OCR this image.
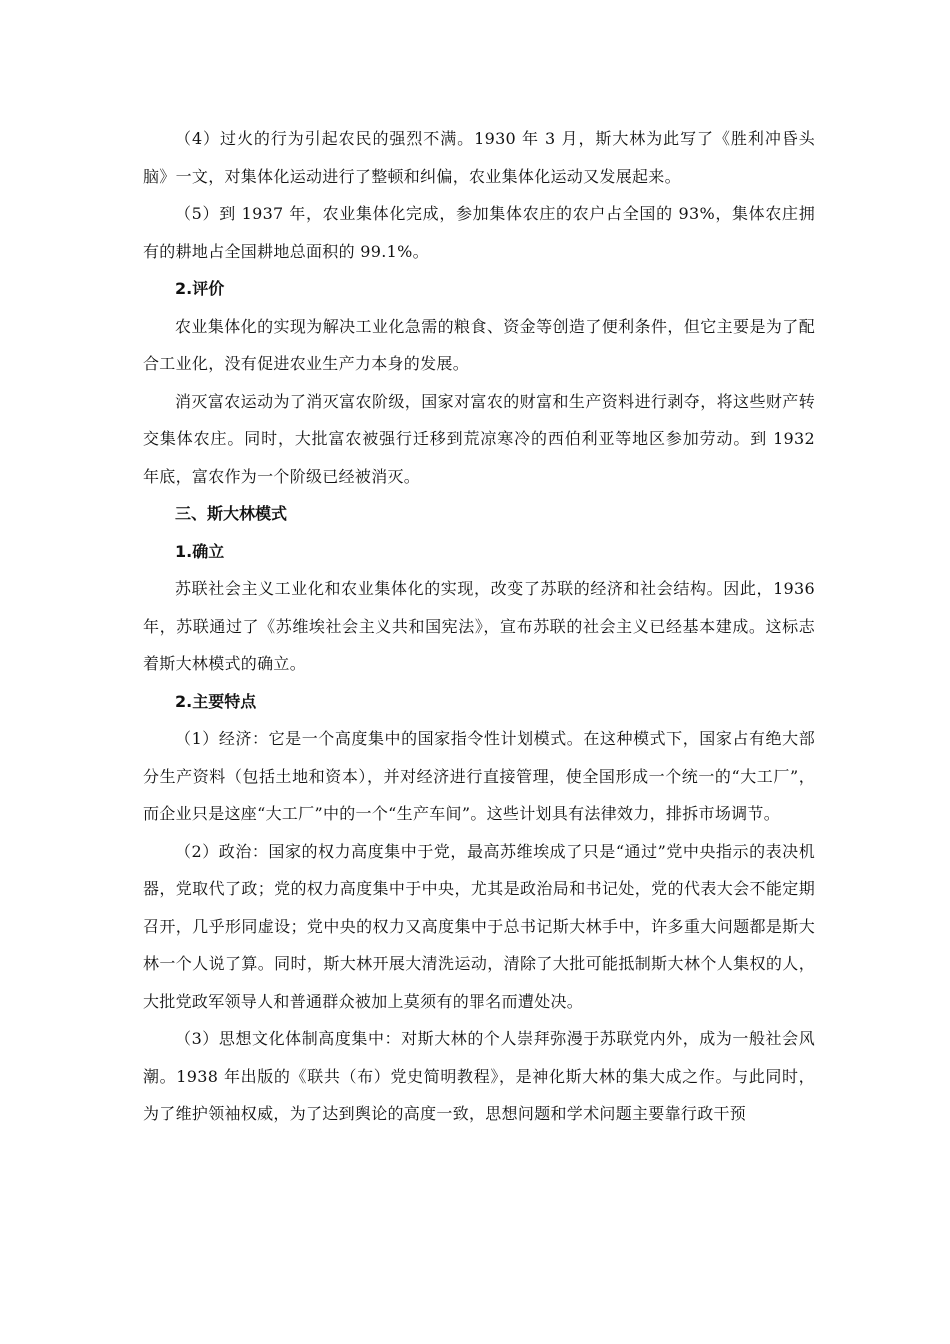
（4）过火的行为引起农民的强烈不满。1930 年 3 月，斯大林为此写了《胜利冲昏头脑》一文，对集体化运动进行了整顿和纠偏，农业集体化运动又发展起来。

（5）到 1937 年，农业集体化完成，参加集体农庄的农户占全国的 93%，集体农庄拥有的耕地占全国耕地总面积的 99.1%。

2.评价

农业集体化的实现为解决工业化急需的粮食、资金等创造了便利条件，但它主要是为了配合工业化，没有促进农业生产力本身的发展。

消灭富农运动为了消灭富农阶级，国家对富农的财富和生产资料进行剥夺，将这些财产转交集体农庄。同时，大批富农被强行迁移到荒凉寒冷的西伯利亚等地区参加劳动。到 1932 年底，富农作为一个阶级已经被消灭。

三、斯大林模式

1.确立

苏联社会主义工业化和农业集体化的实现，改变了苏联的经济和社会结构。因此，1936 年，苏联通过了《苏维埃社会主义共和国宪法》，宣布苏联的社会主义已经基本建成。这标志着斯大林模式的确立。

2.主要特点

（1）经济：它是一个高度集中的国家指令性计划模式。在这种模式下，国家占有绝大部分生产资料（包括土地和资本），并对经济进行直接管理，使全国形成一个统一的“大工厂”，而企业只是这座“大工厂”中的一个“生产车间”。这些计划具有法律效力，排拆市场调节。

（2）政治：国家的权力高度集中于党，最高苏维埃成了只是“通过”党中央指示的表决机器，党取代了政；党的权力高度集中于中央，尤其是政治局和书记处，党的代表大会不能定期召开，几乎形同虚设；党中央的权力又高度集中于总书记斯大林手中，许多重大问题都是斯大林一个人说了算。同时，斯大林开展大清洗运动，清除了大批可能抵制斯大林个人集权的人，大批党政军领导人和普通群众被加上莫须有的罪名而遭处决。

（3）思想文化体制高度集中：对斯大林的个人崇拜弥漫于苏联党内外，成为一般社会风潮。1938 年出版的《联共（布）党史简明教程》，是神化斯大林的集大成之作。与此同时，为了维护领袖权威，为了达到舆论的高度一致，思想问题和学术问题主要靠行政干预
